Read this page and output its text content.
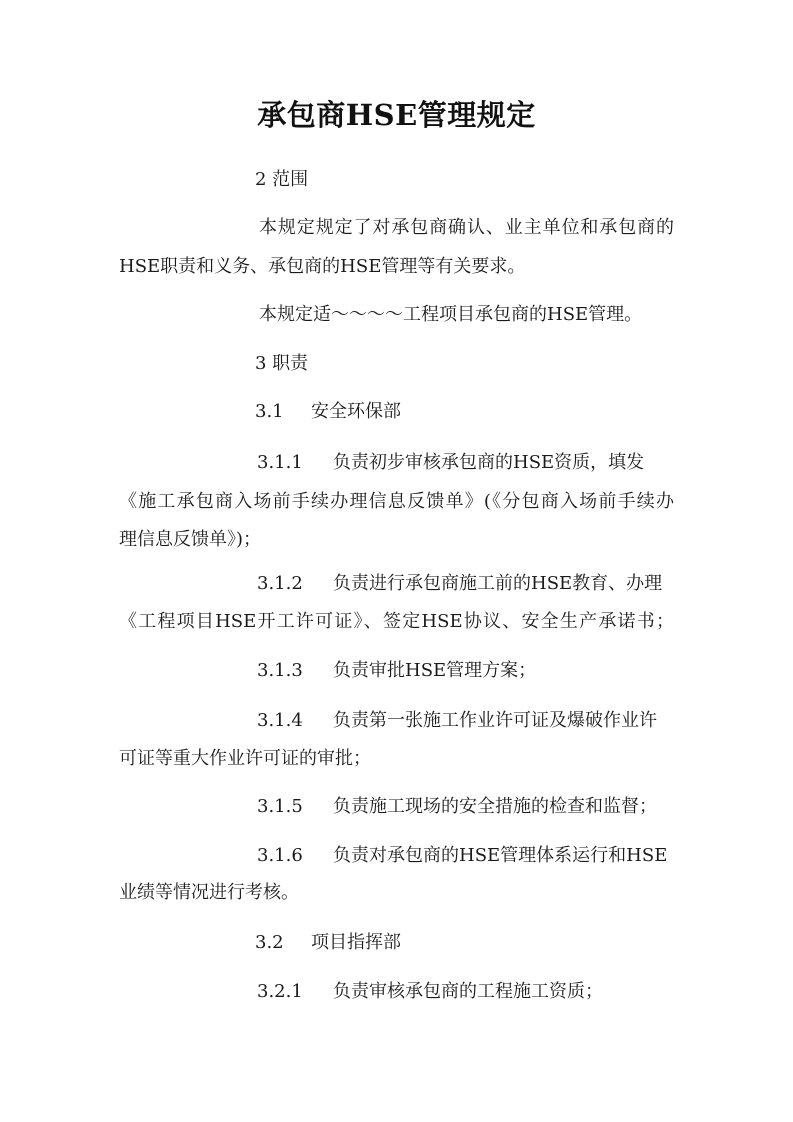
承包商HSE管理规定
2 范围
本规定规定了对承包商确认、业主单位和承包商的
HSE职责和义务、承包商的HSE管理等有关要求。
本规定适～～～～工程项目承包商的HSE管理。
3 职责
3.1 安全环保部
3.1.1 负责初步审核承包商的HSE资质，填发
《施工承包商入场前手续办理信息反馈单》(《分包商入场前手续办
理信息反馈单》)；
3.1.2 负责进行承包商施工前的HSE教育、办理
《工程项目HSE开工许可证》、签定HSE协议、安全生产承诺书；
3.1.3 负责审批HSE管理方案；
3.1.4 负责第一张施工作业许可证及爆破作业许
可证等重大作业许可证的审批；
3.1.5 负责施工现场的安全措施的检查和监督；
3.1.6 负责对承包商的HSE管理体系运行和HSE
业绩等情况进行考核。
3.2 项目指挥部
3.2.1 负责审核承包商的工程施工资质；
